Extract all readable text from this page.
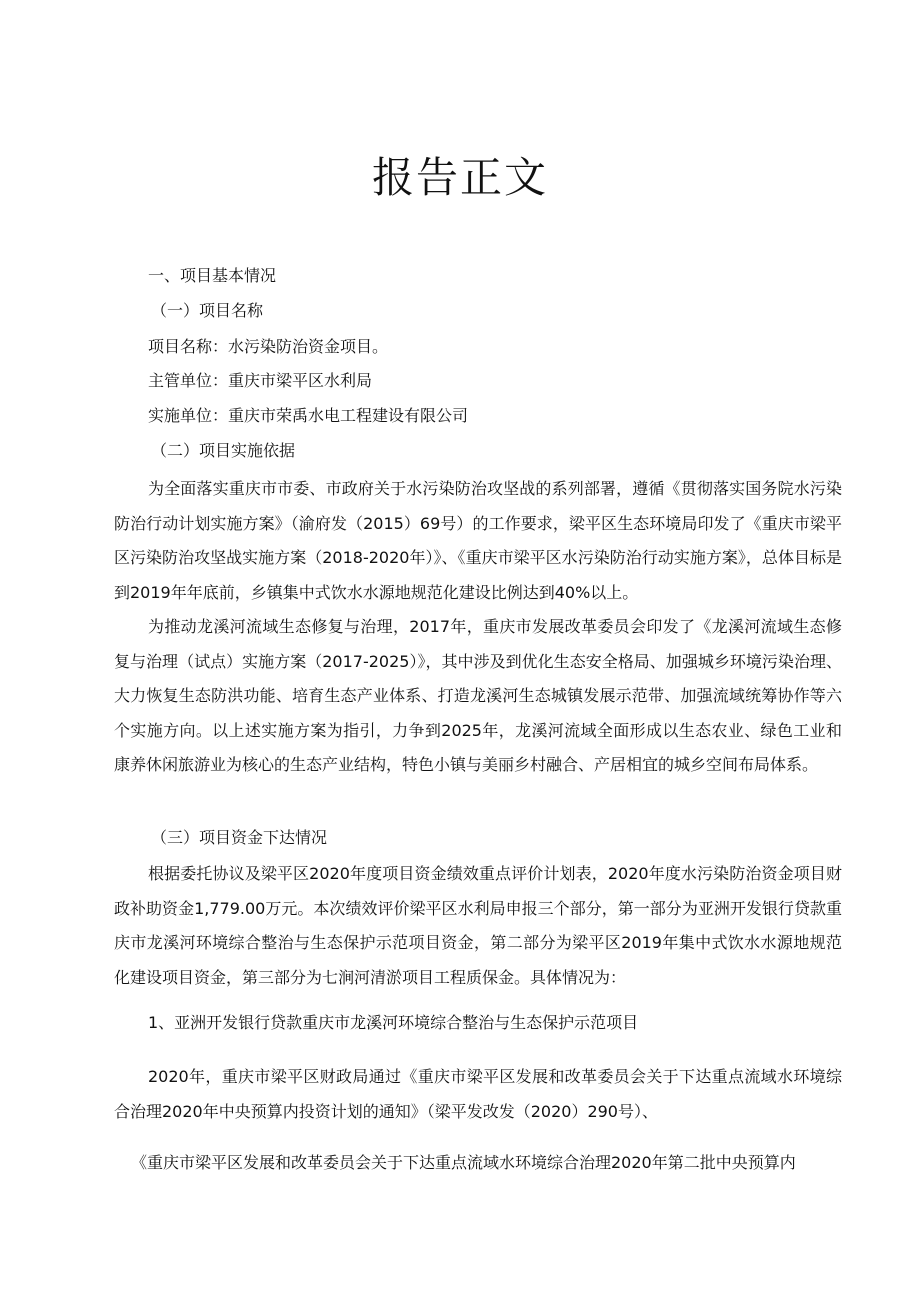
报告正文
一、项目基本情况
（一）项目名称
项目名称：水污染防治资金项目。
主管单位：重庆市梁平区水利局
实施单位：重庆市荣禹水电工程建设有限公司
（二）项目实施依据
为全面落实重庆市市委、市政府关于水污染防治攻坚战的系列部署，遵循《贯彻落实国务院水污染防治行动计划实施方案》（渝府发（2015）69号）的工作要求，梁平区生态环境局印发了《重庆市梁平区污染防治攻坚战实施方案（2018-2020年）》、《重庆市梁平区水污染防治行动实施方案》，总体目标是到2019年年底前，乡镇集中式饮水水源地规范化建设比例达到40%以上。
为推动龙溪河流域生态修复与治理，2017年，重庆市发展改革委员会印发了《龙溪河流域生态修复与治理（试点）实施方案（2017-2025）》，其中涉及到优化生态安全格局、加强城乡环境污染治理、大力恢复生态防洪功能、培育生态产业体系、打造龙溪河生态城镇发展示范带、加强流域统筹协作等六个实施方向。以上述实施方案为指引，力争到2025年，龙溪河流域全面形成以生态农业、绿色工业和康养休闲旅游业为核心的生态产业结构，特色小镇与美丽乡村融合、产居相宜的城乡空间布局体系。
（三）项目资金下达情况
根据委托协议及梁平区2020年度项目资金绩效重点评价计划表，2020年度水污染防治资金项目财政补助资金1,779.00万元。本次绩效评价梁平区水利局申报三个部分，第一部分为亚洲开发银行贷款重庆市龙溪河环境综合整治与生态保护示范项目资金，第二部分为梁平区2019年集中式饮水水源地规范化建设项目资金，第三部分为七涧河清淤项目工程质保金。具体情况为：
1、亚洲开发银行贷款重庆市龙溪河环境综合整治与生态保护示范项目
2020年，重庆市梁平区财政局通过《重庆市梁平区发展和改革委员会关于下达重点流域水环境综合治理2020年中央预算内投资计划的通知》（梁平发改发（2020）290号）、
《重庆市梁平区发展和改革委员会关于下达重点流域水环境综合治理2020年第二批中央预算内
